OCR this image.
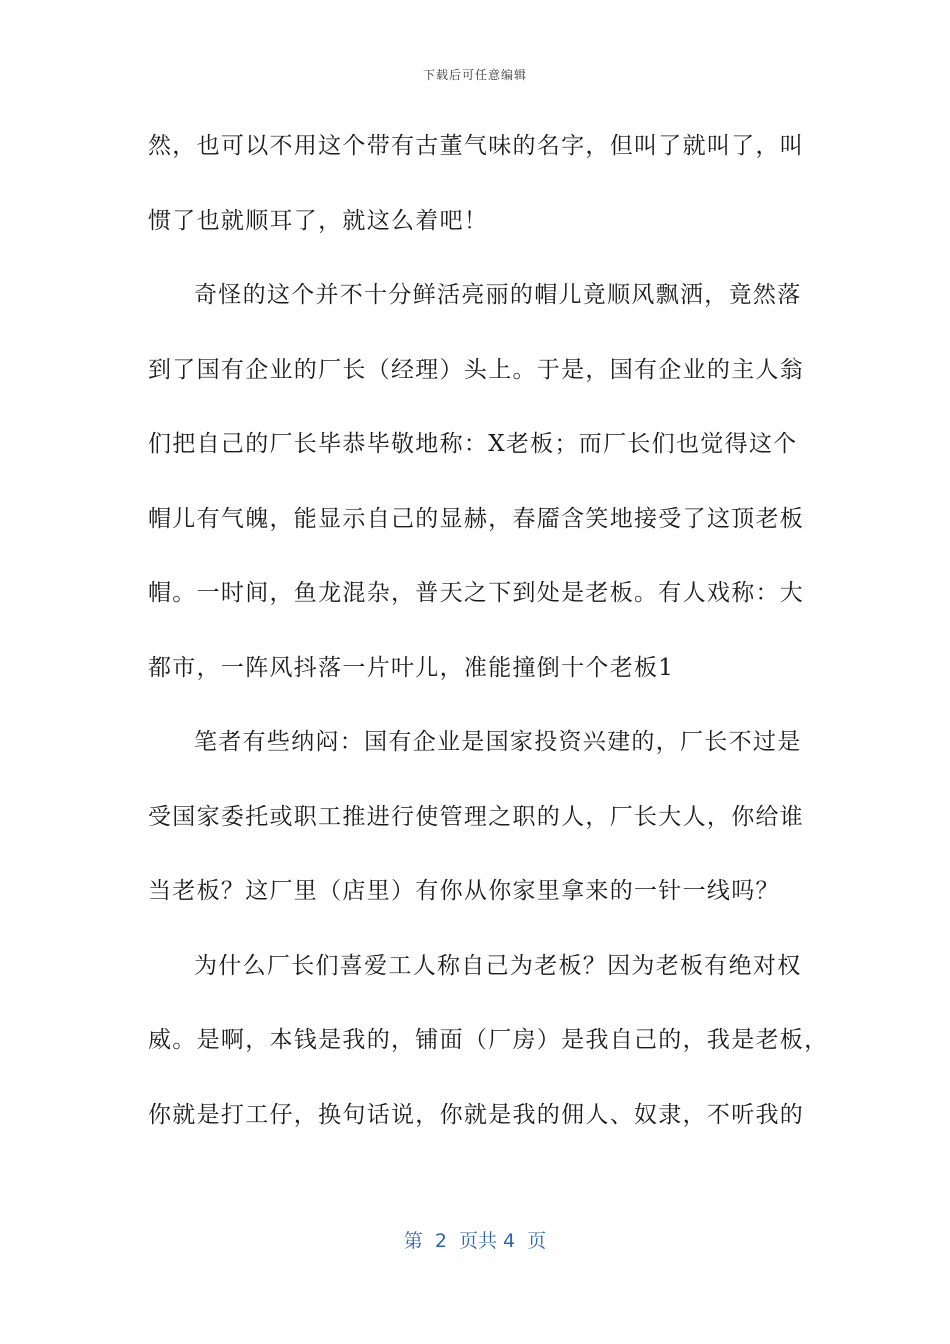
下载后可任意编辑
然，也可以不用这个带有古董气味的名字，但叫了就叫了，叫
惯了也就顺耳了，就这么着吧！
奇怪的这个并不十分鲜活亮丽的帽儿竟顺风飘洒，竟然落
到了国有企业的厂长（经理）头上。于是，国有企业的主人翁
们把自己的厂长毕恭毕敬地称：X老板；而厂长们也觉得这个
帽儿有气魄，能显示自己的显赫，春靥含笑地接受了这顶老板
帽。一时间，鱼龙混杂，普天之下到处是老板。有人戏称：大
都市，一阵风抖落一片叶儿，准能撞倒十个老板1
笔者有些纳闷：国有企业是国家投资兴建的，厂长不过是
受国家委托或职工推进行使管理之职的人，厂长大人，你给谁
当老板？这厂里（店里）有你从你家里拿来的一针一线吗？
为什么厂长们喜爱工人称自己为老板？因为老板有绝对权
威。是啊，本钱是我的，铺面（厂房）是我自己的，我是老板，
你就是打工仔，换句话说，你就是我的佣人、奴隶，不听我的
第  2  页共 4  页
